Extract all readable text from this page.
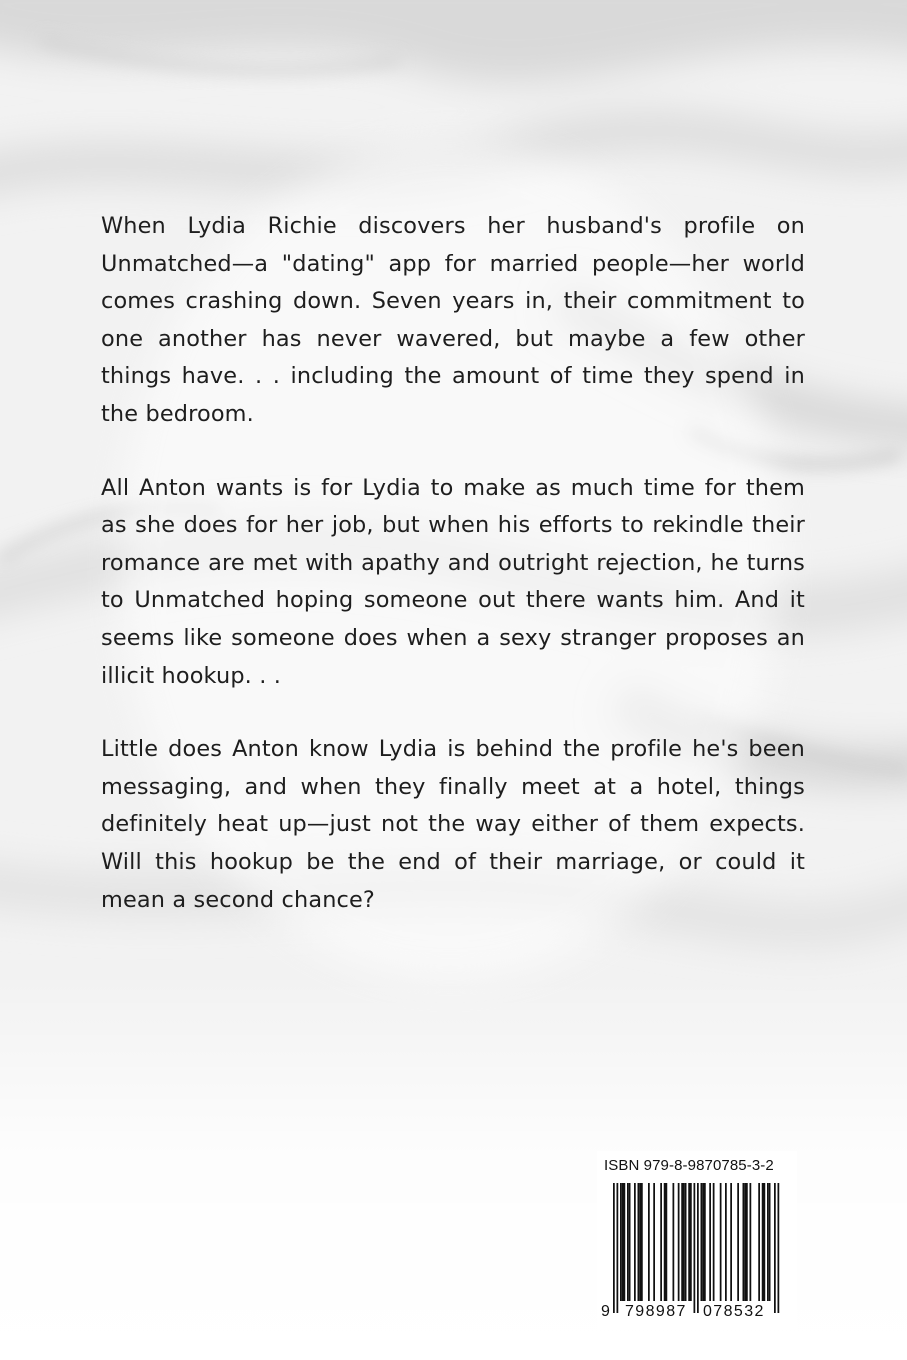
When Lydia Richie discovers her husband's profile on Unmatched—a "dating" app for married people—her world comes crashing down. Seven years in, their commitment to one another has never wavered, but maybe a few other things have. . . including the amount of time they spend in the bedroom.

All Anton wants is for Lydia to make as much time for them as she does for her job, but when his efforts to rekindle their romance are met with apathy and outright rejection, he turns to Unmatched hoping someone out there wants him. And it seems like someone does when a sexy stranger proposes an illicit hookup. . .

Little does Anton know Lydia is behind the profile he's been messaging, and when they finally meet at a hotel, things definitely heat up—just not the way either of them expects. Will this hookup be the end of their marriage, or could it mean a second chance?

ISBN 979-8-9870785-3-2
9 798987 078532
